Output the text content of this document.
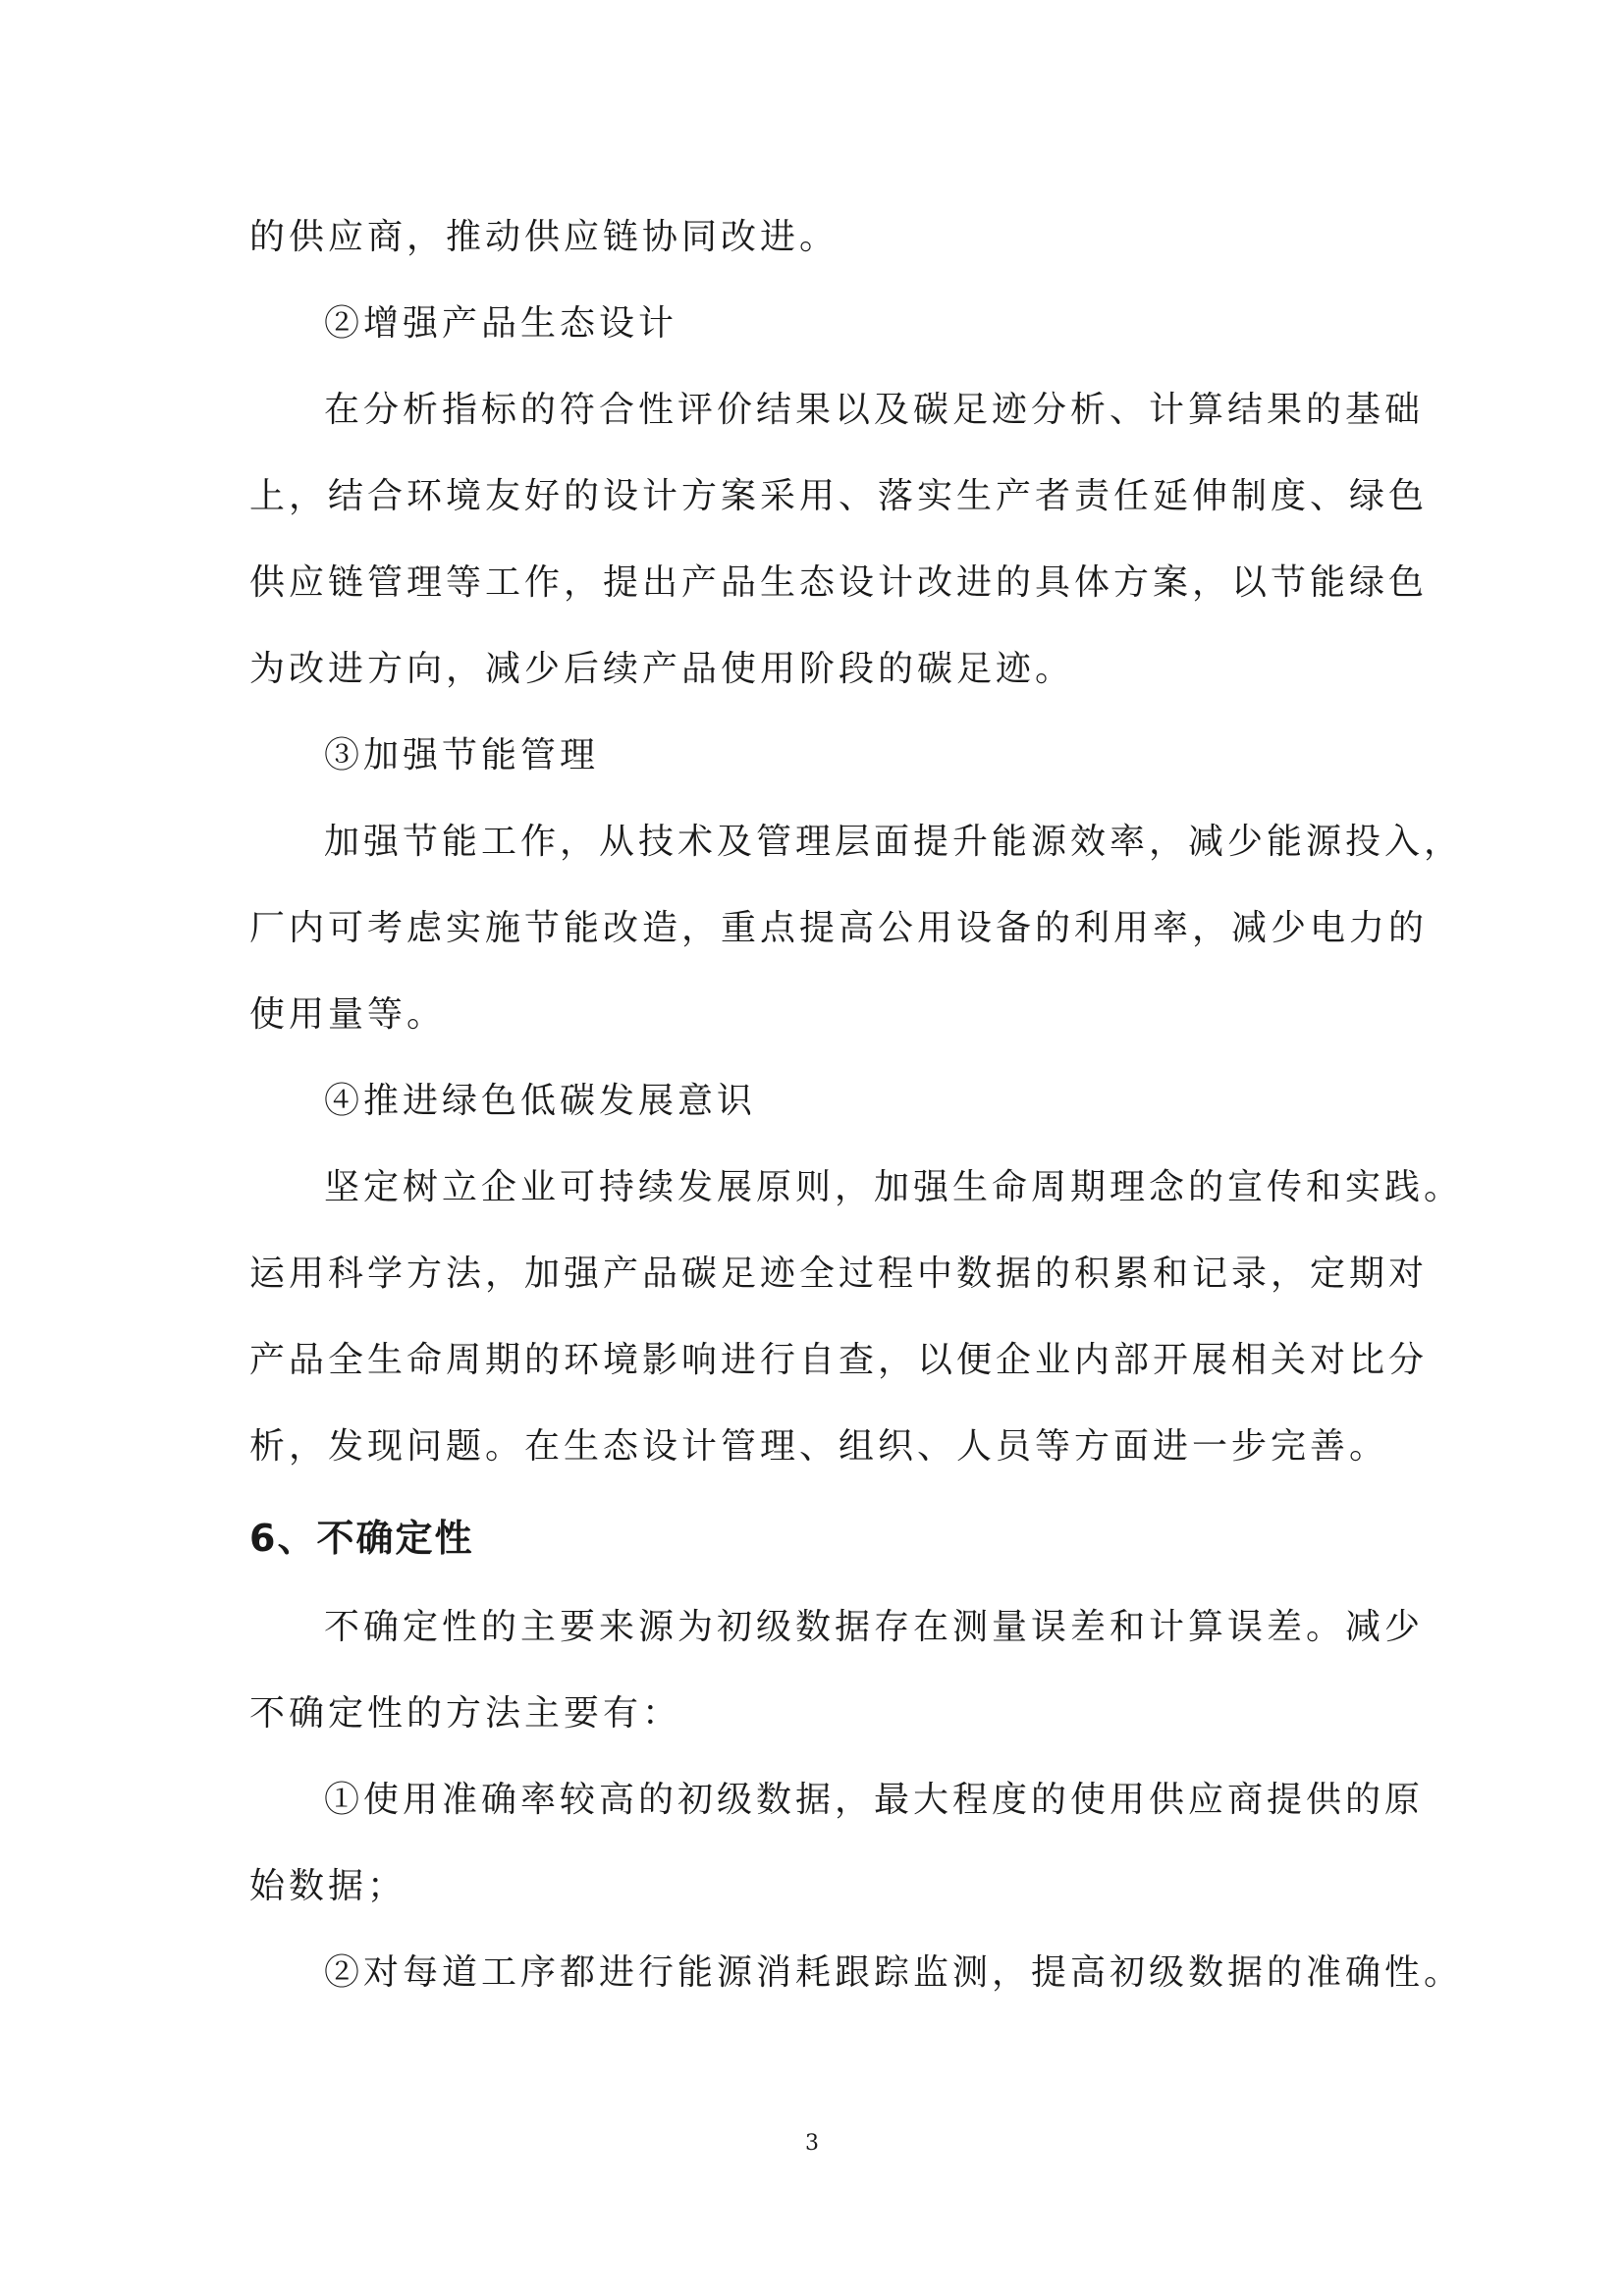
的供应商，推动供应链协同改进。
②增强产品生态设计
在分析指标的符合性评价结果以及碳足迹分析、计算结果的基础
上，结合环境友好的设计方案采用、落实生产者责任延伸制度、绿色
供应链管理等工作，提出产品生态设计改进的具体方案，以节能绿色
为改进方向，减少后续产品使用阶段的碳足迹。
③加强节能管理
加强节能工作，从技术及管理层面提升能源效率，减少能源投入，
厂内可考虑实施节能改造，重点提高公用设备的利用率，减少电力的
使用量等。
④推进绿色低碳发展意识
坚定树立企业可持续发展原则，加强生命周期理念的宣传和实践。
运用科学方法，加强产品碳足迹全过程中数据的积累和记录，定期对
产品全生命周期的环境影响进行自查，以便企业内部开展相关对比分
析，发现问题。在生态设计管理、组织、人员等方面进一步完善。
6、不确定性
不确定性的主要来源为初级数据存在测量误差和计算误差。减少
不确定性的方法主要有：
①使用准确率较高的初级数据，最大程度的使用供应商提供的原
始数据；
②对每道工序都进行能源消耗跟踪监测，提高初级数据的准确性。
3
